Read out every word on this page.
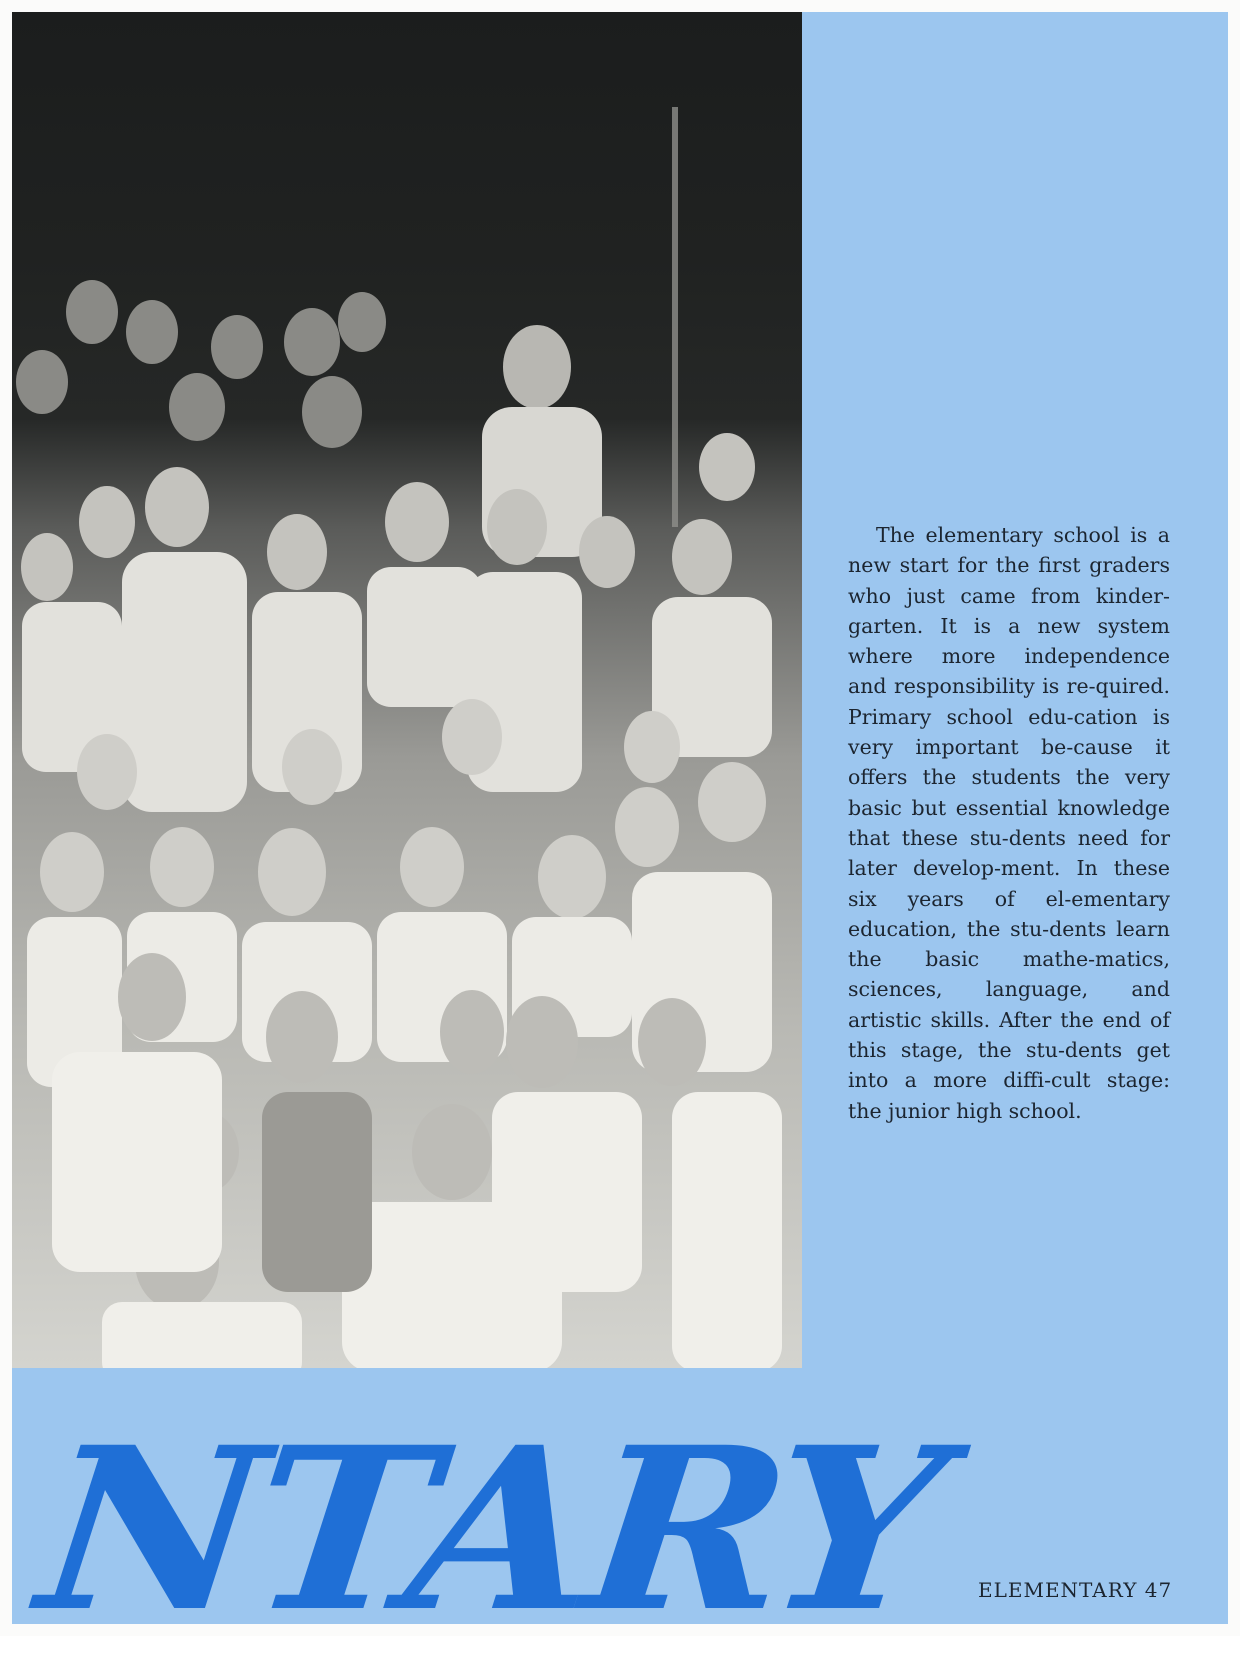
The elementary school is a new start for the first graders who just came from kinder-garten. It is a new system where more independence and responsibility is re-quired. Primary school edu-cation is very important be-cause it offers the students the very basic but essential knowledge that these stu-dents need for later develop-ment. In these six years of el-ementary education, the stu-dents learn the basic mathe-matics, sciences, language, and artistic skills. After the end of this stage, the stu-dents get into a more diffi-cult stage: the junior high school.

NTARY ELEMENTARY 47
